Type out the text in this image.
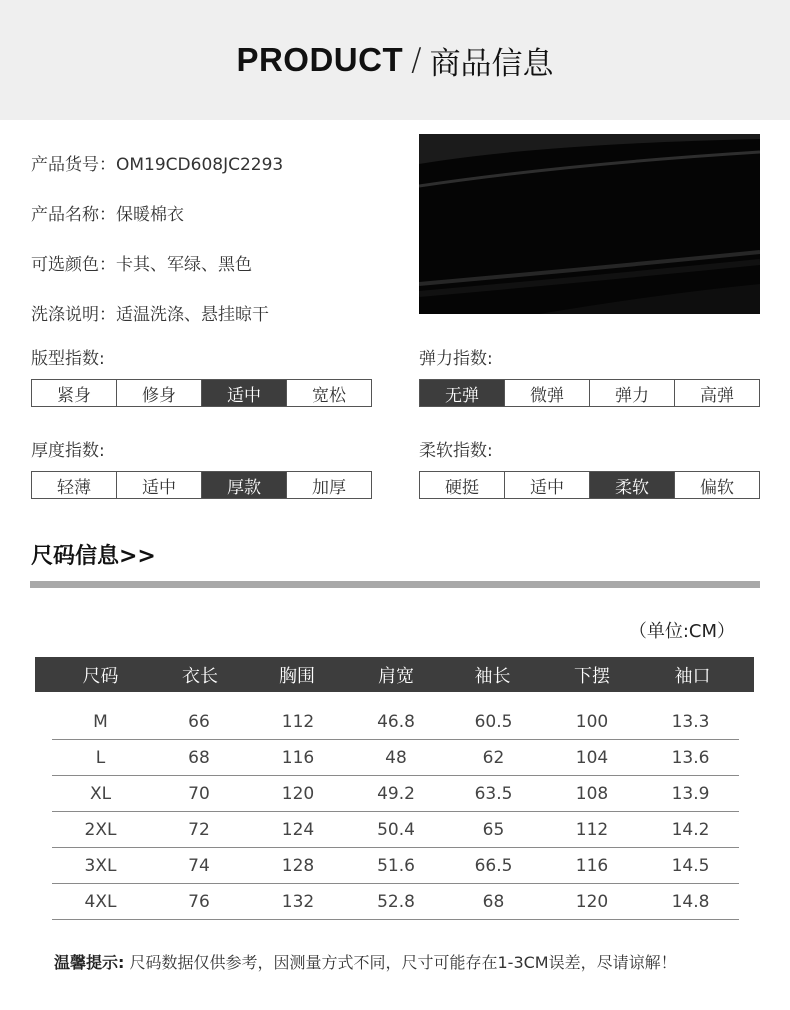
PRODUCT / 商品信息
产品货号：OM19CD608JC2293
产品名称：保暖棉衣
可选颜色：卡其、军绿、黑色
洗涤说明：适温洗涤、悬挂晾干
版型指数:
紧身	修身	适中	宽松
弹力指数:
无弹	微弹	弹力	高弹
厚度指数:
轻薄	适中	厚款	加厚
柔软指数:
硬挺	适中	柔软	偏软
尺码信息>>
（单位:CM）
尺码	衣长	胸围	肩宽	袖长	下摆	袖口
M	66	112	46.8	60.5	100	13.3
L	68	116	48	62	104	13.6
XL	70	120	49.2	63.5	108	13.9
2XL	72	124	50.4	65	112	14.2
3XL	74	128	51.6	66.5	116	14.5
4XL	76	132	52.8	68	120	14.8
温馨提示: 尺码数据仅供参考，因测量方式不同，尺寸可能存在1-3CM误差，尽请谅解！
